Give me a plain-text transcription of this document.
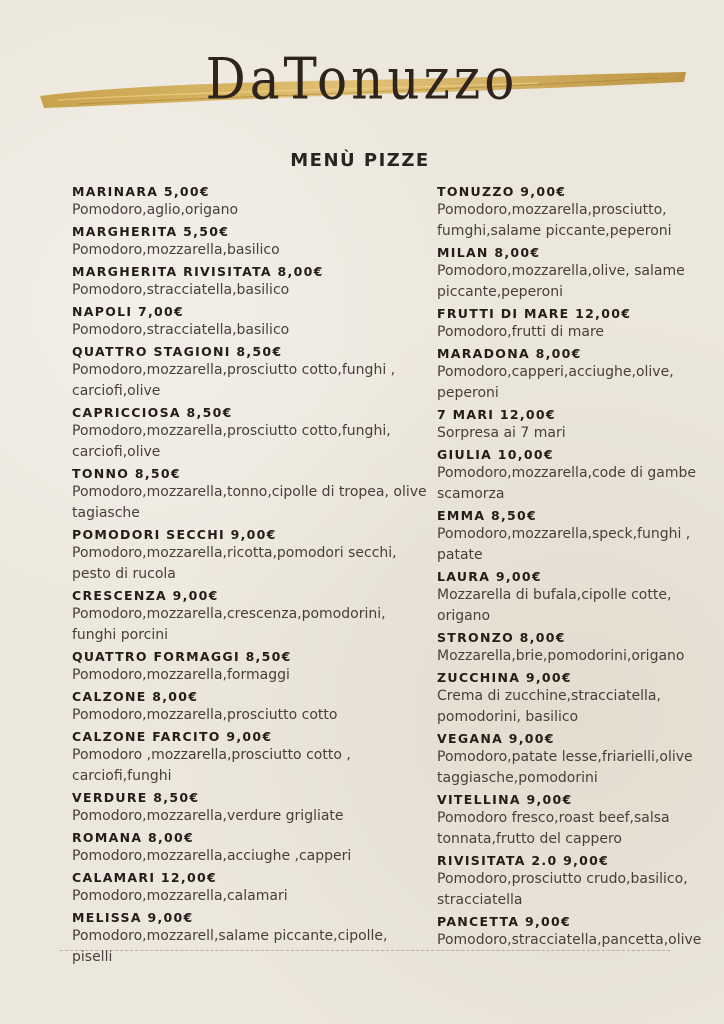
DaTonuzzo
MENÙ PIZZE
MARINARA 5,00€
Pomodoro,aglio,origano
MARGHERITA 5,50€
Pomodoro,mozzarella,basilico
MARGHERITA RIVISITATA 8,00€
Pomodoro,stracciatella,basilico
NAPOLI 7,00€
Pomodoro,stracciatella,basilico
QUATTRO STAGIONI 8,50€
Pomodoro,mozzarella,prosciutto cotto,funghi , carciofi,olive
CAPRICCIOSA 8,50€
Pomodoro,mozzarella,prosciutto cotto,funghi, carciofi,olive
TONNO 8,50€
Pomodoro,mozzarella,tonno,cipolle di tropea, olive tagiasche
POMODORI SECCHI 9,00€
Pomodoro,mozzarella,ricotta,pomodori secchi, pesto di rucola
CRESCENZA 9,00€
Pomodoro,mozzarella,crescenza,pomodorini, funghi porcini
QUATTRO FORMAGGI 8,50€
Pomodoro,mozzarella,formaggi
CALZONE 8,00€
Pomodoro,mozzarella,prosciutto cotto
CALZONE FARCITO 9,00€
Pomodoro ,mozzarella,prosciutto cotto , carciofi,funghi
VERDURE 8,50€
Pomodoro,mozzarella,verdure grigliate
ROMANA 8,00€
Pomodoro,mozzarella,acciughe ,capperi
CALAMARI 12,00€
Pomodoro,mozzarella,calamari
MELISSA 9,00€
Pomodoro,mozzarell,salame piccante,cipolle, piselli
TONUZZO 9,00€
Pomodoro,mozzarella,prosciutto, fumghi,salame piccante,peperoni
MILAN 8,00€
Pomodoro,mozzarella,olive, salame piccante,peperoni
FRUTTI DI MARE 12,00€
Pomodoro,frutti di mare
MARADONA 8,00€
Pomodoro,capperi,acciughe,olive, peperoni
7 MARI 12,00€
Sorpresa ai 7 mari
GIULIA 10,00€
Pomodoro,mozzarella,code di gambe scamorza
EMMA 8,50€
Pomodoro,mozzarella,speck,funghi , patate
LAURA 9,00€
Mozzarella di bufala,cipolle cotte, origano
STRONZO 8,00€
Mozzarella,brie,pomodorini,origano
ZUCCHINA 9,00€
Crema di zucchine,stracciatella, pomodorini, basilico
VEGANA 9,00€
Pomodoro,patate lesse,friarielli,olive taggiasche,pomodorini
VITELLINA 9,00€
Pomodoro fresco,roast beef,salsa tonnata,frutto del cappero
RIVISITATA 2.0 9,00€
Pomodoro,prosciutto crudo,basilico, stracciatella
PANCETTA 9,00€
Pomodoro,stracciatella,pancetta,olive
